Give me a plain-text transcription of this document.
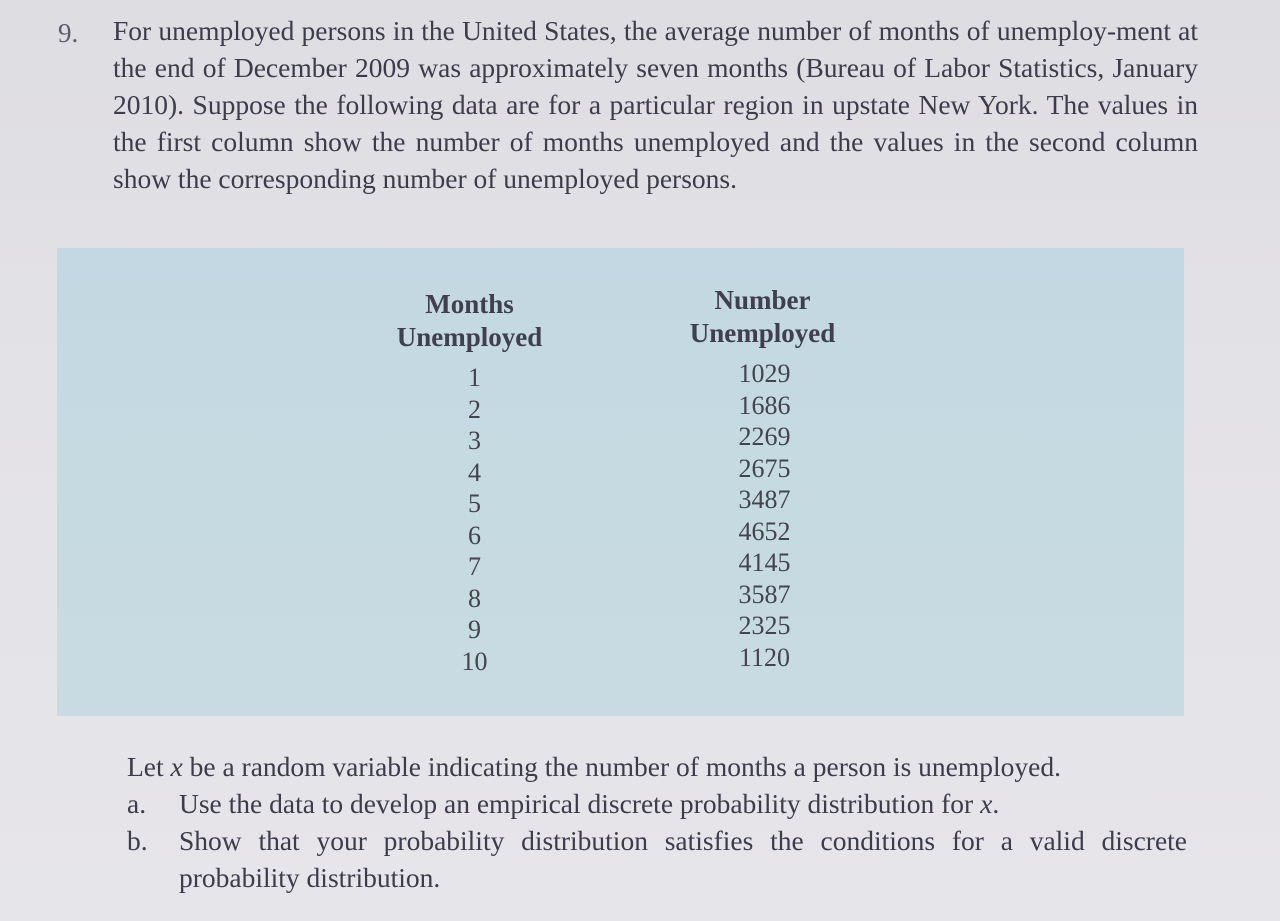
9. For unemployed persons in the United States, the average number of months of unemploy-ment at the end of December 2009 was approximately seven months (Bureau of Labor Statistics, January 2010). Suppose the following data are for a particular region in upstate New York. The values in the first column show the number of months unemployed and the values in the second column show the corresponding number of unemployed persons.

Months
Unemployed
1
2
3
4
5
6
7
8
9
10
Number
Unemployed
1029
1686
2269
2675
3487
4652
4145
3587
2325
1120
Let x be a random variable indicating the number of months a person is unemployed.
a.	Use the data to develop an empirical discrete probability distribution for x.
b.	Show that your probability distribution satisfies the conditions for a valid discrete probability distribution.
